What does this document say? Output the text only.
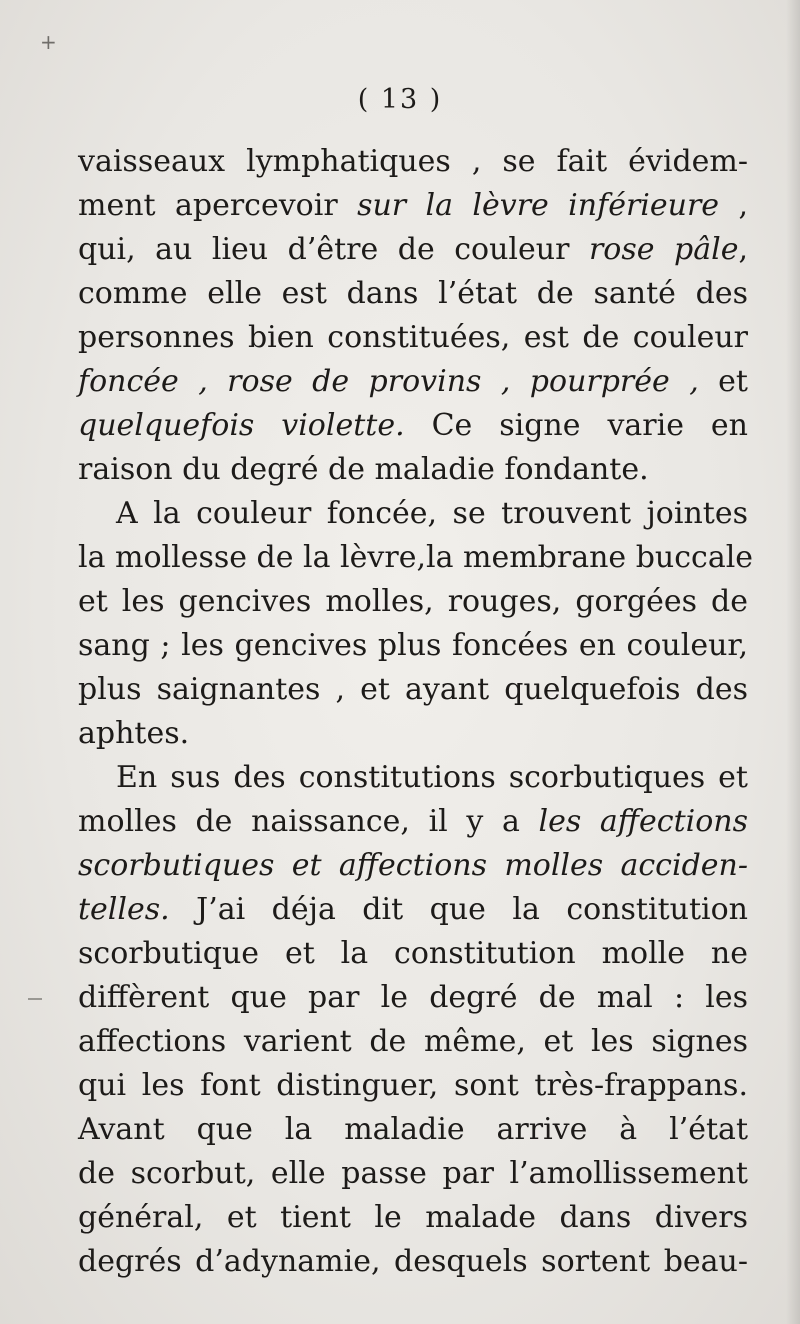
+
( 13 )
vaisseaux lymphatiques , se fait évidem-
ment apercevoir sur la lèvre inférieure ,
qui, au lieu d’être de couleur rose pâle,
comme elle est dans l’état de santé des
personnes bien constituées, est de couleur
foncée , rose de provins , pourprée , et
quelquefois violette. Ce signe varie en
raison du degré de maladie fondante.
A la couleur foncée, se trouvent jointes
la mollesse de la lèvre,la membrane buccale
et les gencives molles, rouges, gorgées de
sang ; les gencives plus foncées en couleur,
plus saignantes , et ayant quelquefois des
aphtes.
En sus des constitutions scorbutiques et
molles de naissance, il y a les affections
scorbutiques et affections molles acciden-
telles. J’ai déja dit que la constitution
scorbutique et la constitution molle ne
diffèrent que par le degré de mal : les
affections varient de même, et les signes
qui les font distinguer, sont très-frappans.
Avant que la maladie arrive à l’état
de scorbut, elle passe par l’amollissement
général, et tient le malade dans divers
degrés d’adynamie, desquels sortent beau-
